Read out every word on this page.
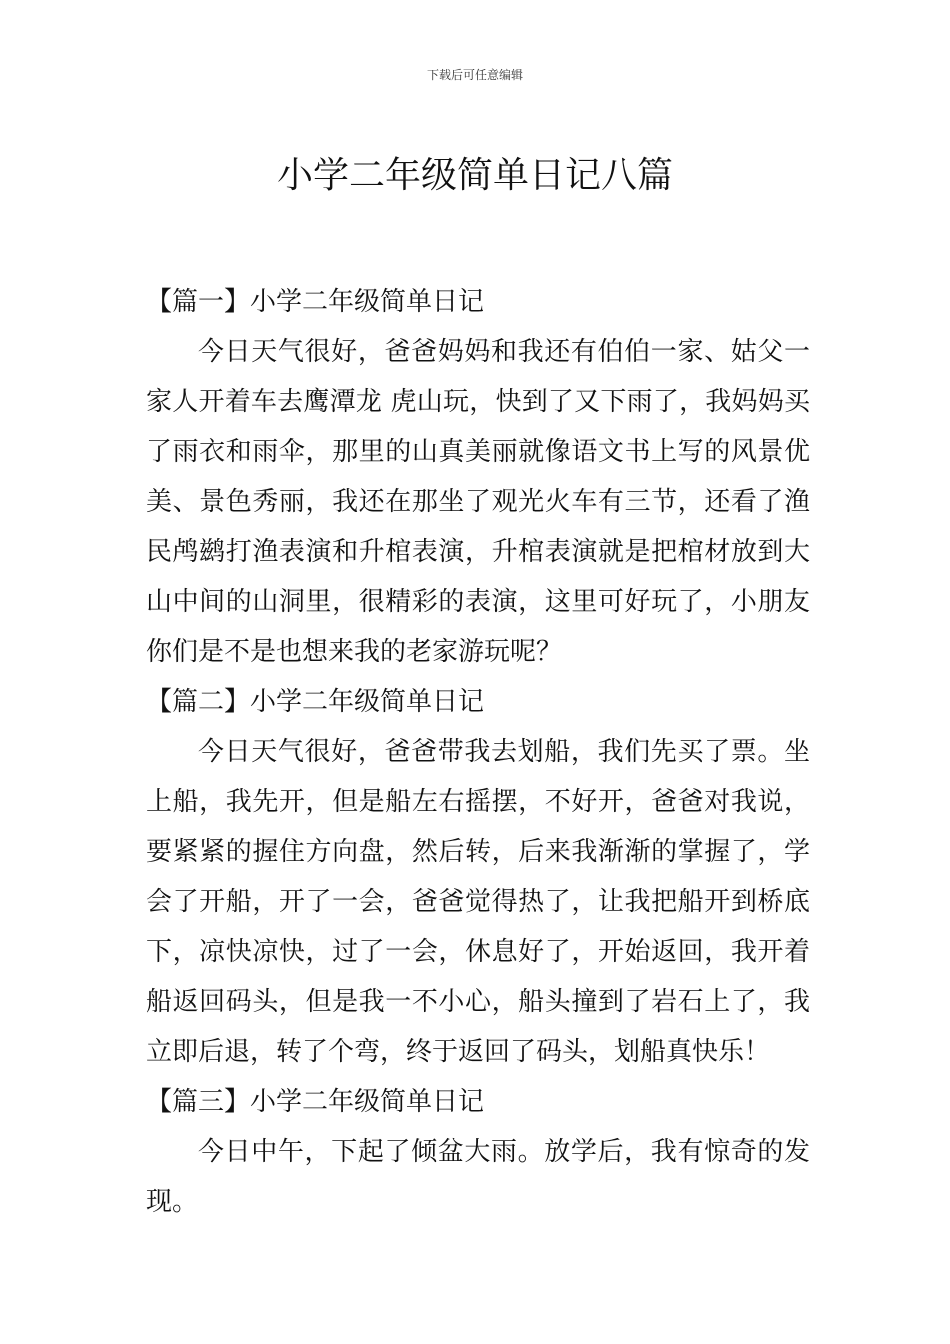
下载后可任意编辑
小学二年级简单日记八篇

【篇一】小学二年级简单日记

今日天气很好，爸爸妈妈和我还有伯伯一家、姑父一家人开着车去鹰潭龙 虎山玩，快到了又下雨了，我妈妈买了雨衣和雨伞，那里的山真美丽就像语文书上写的风景优美、景色秀丽，我还在那坐了观光火车有三节，还看了渔民鸬鹚打渔表演和升棺表演，升棺表演就是把棺材放到大山中间的山洞里，很精彩的表演，这里可好玩了，小朋友你们是不是也想来我的老家游玩呢？

【篇二】小学二年级简单日记

今日天气很好，爸爸带我去划船，我们先买了票。坐上船，我先开，但是船左右摇摆，不好开，爸爸对我说，要紧紧的握住方向盘，然后转，后来我渐渐的掌握了，学会了开船，开了一会，爸爸觉得热了，让我把船开到桥底下，凉快凉快，过了一会，休息好了，开始返回，我开着船返回码头，但是我一不小心，船头撞到了岩石上了，我立即后退，转了个弯，终于返回了码头，划船真快乐！

【篇三】小学二年级简单日记

今日中午，下起了倾盆大雨。放学后，我有惊奇的发现。
